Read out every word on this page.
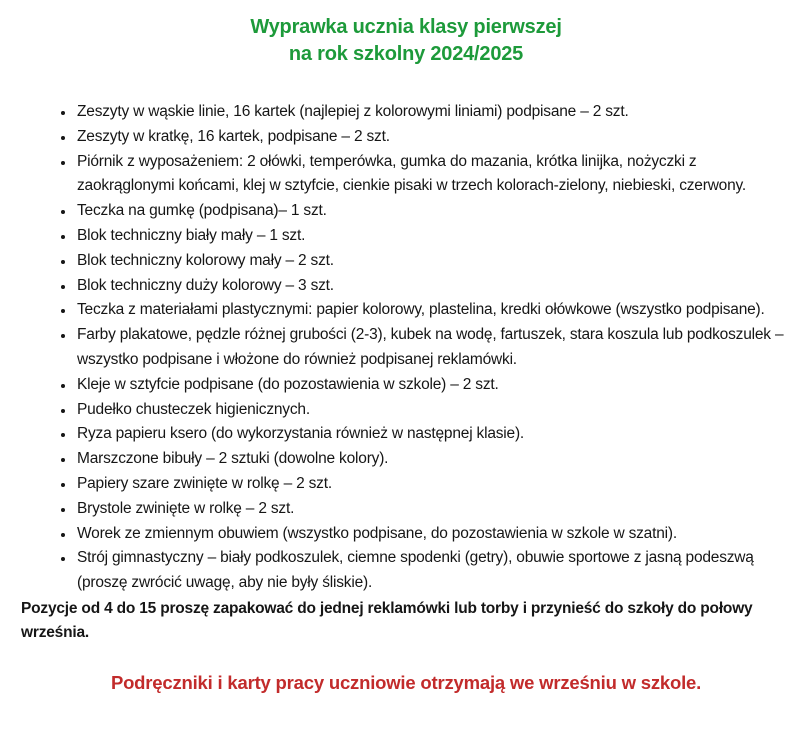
Wyprawka ucznia klasy pierwszej
na rok szkolny 2024/2025
• Zeszyty w wąskie linie, 16 kartek (najlepiej z kolorowymi liniami) podpisane – 2 szt.
• Zeszyty w kratkę, 16 kartek, podpisane – 2 szt.
• Piórnik z wyposażeniem: 2 ołówki, temperówka, gumka do mazania, krótka linijka, nożyczki z  zaokrąglonymi końcami, klej w sztyfcie, cienkie pisaki w trzech kolorach-zielony, niebieski, czerwony.
• Teczka na gumkę (podpisana)– 1 szt.
• Blok techniczny biały mały – 1 szt.
• Blok techniczny kolorowy mały – 2 szt.
• Blok techniczny duży kolorowy – 3 szt.
• Teczka z materiałami plastycznymi: papier kolorowy, plastelina, kredki ołówkowe (wszystko podpisane).
• Farby plakatowe, pędzle różnej grubości (2-3), kubek na wodę, fartuszek, stara koszula lub podkoszulek – wszystko podpisane i włożone do również podpisanej reklamówki.
• Kleje w sztyfcie podpisane (do pozostawienia w szkole) – 2 szt.
• Pudełko chusteczek higienicznych.
• Ryza papieru ksero (do wykorzystania również w następnej klasie).
• Marszczone bibuły – 2 sztuki (dowolne kolory).
• Papiery szare zwinięte w rolkę – 2 szt.
• Brystole zwinięte w rolkę – 2 szt.
• Worek ze zmiennym obuwiem (wszystko podpisane, do pozostawienia w szkole w szatni).
• Strój gimnastyczny – biały podkoszulek, ciemne spodenki (getry), obuwie sportowe z jasną podeszwą (proszę zwrócić uwagę, aby nie były śliskie).

Pozycje od 4 do 15 proszę zapakować do jednej reklamówki lub torby i przynieść do szkoły do połowy września.

Podręczniki i karty pracy uczniowie otrzymają we wrześniu w szkole.
